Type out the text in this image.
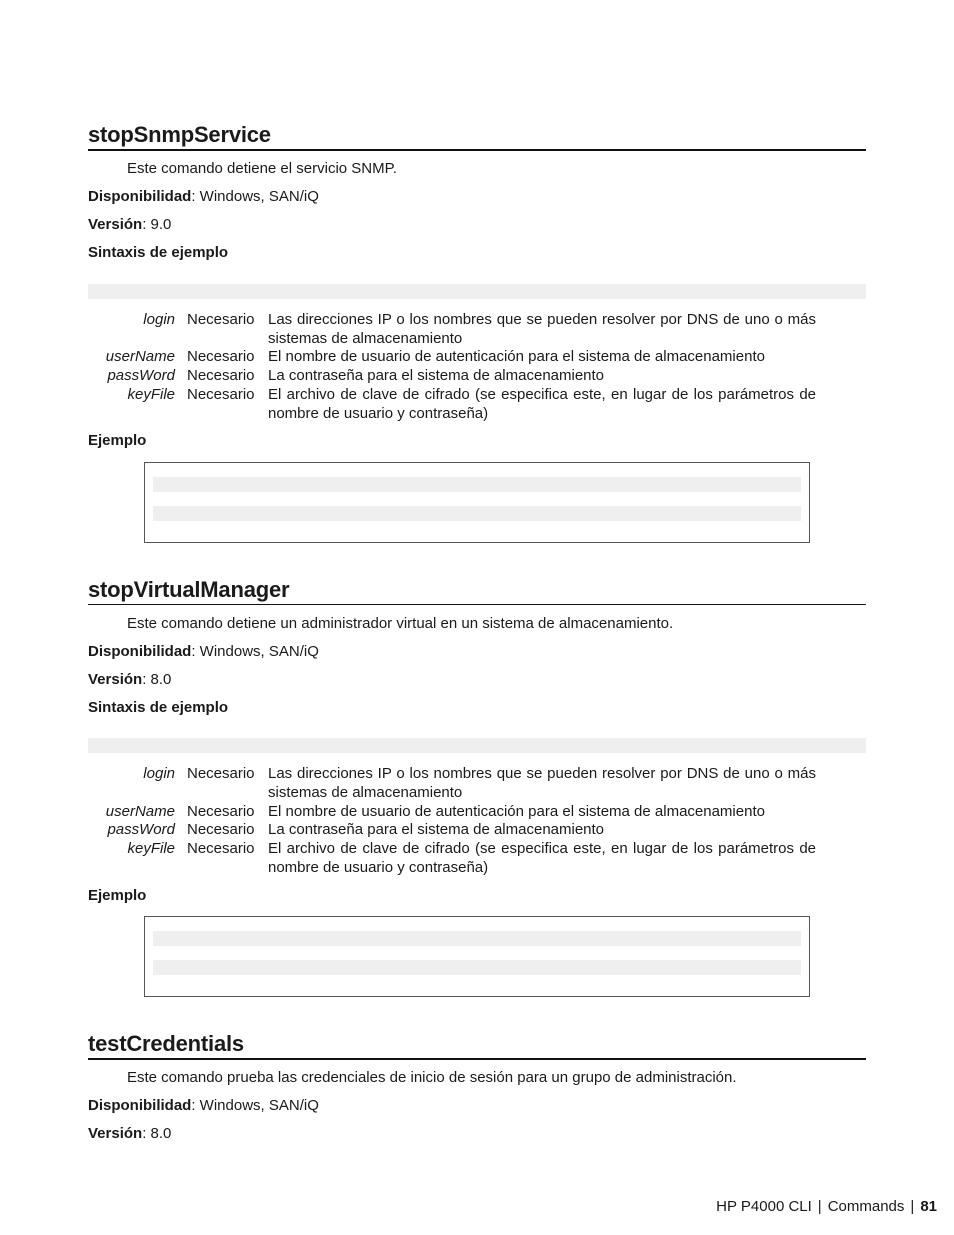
stopSnmpService
Este comando detiene el servicio SNMP.
Disponibilidad: Windows, SAN/iQ
Versión: 9.0
Sintaxis de ejemplo
login Necesario Las direcciones IP o los nombres que se pueden resolver por DNS de uno o más sistemas de almacenamiento
userName Necesario El nombre de usuario de autenticación para el sistema de almacenamiento
passWord Necesario La contraseña para el sistema de almacenamiento
keyFile Necesario El archivo de clave de cifrado (se especifica este, en lugar de los parámetros de nombre de usuario y contraseña)
Ejemplo
stopVirtualManager
Este comando detiene un administrador virtual en un sistema de almacenamiento.
Disponibilidad: Windows, SAN/iQ
Versión: 8.0
Sintaxis de ejemplo
login Necesario Las direcciones IP o los nombres que se pueden resolver por DNS de uno o más sistemas de almacenamiento
userName Necesario El nombre de usuario de autenticación para el sistema de almacenamiento
passWord Necesario La contraseña para el sistema de almacenamiento
keyFile Necesario El archivo de clave de cifrado (se especifica este, en lugar de los parámetros de nombre de usuario y contraseña)
Ejemplo
testCredentials
Este comando prueba las credenciales de inicio de sesión para un grupo de administración.
Disponibilidad: Windows, SAN/iQ
Versión: 8.0
HP P4000 CLI | Commands | 81
